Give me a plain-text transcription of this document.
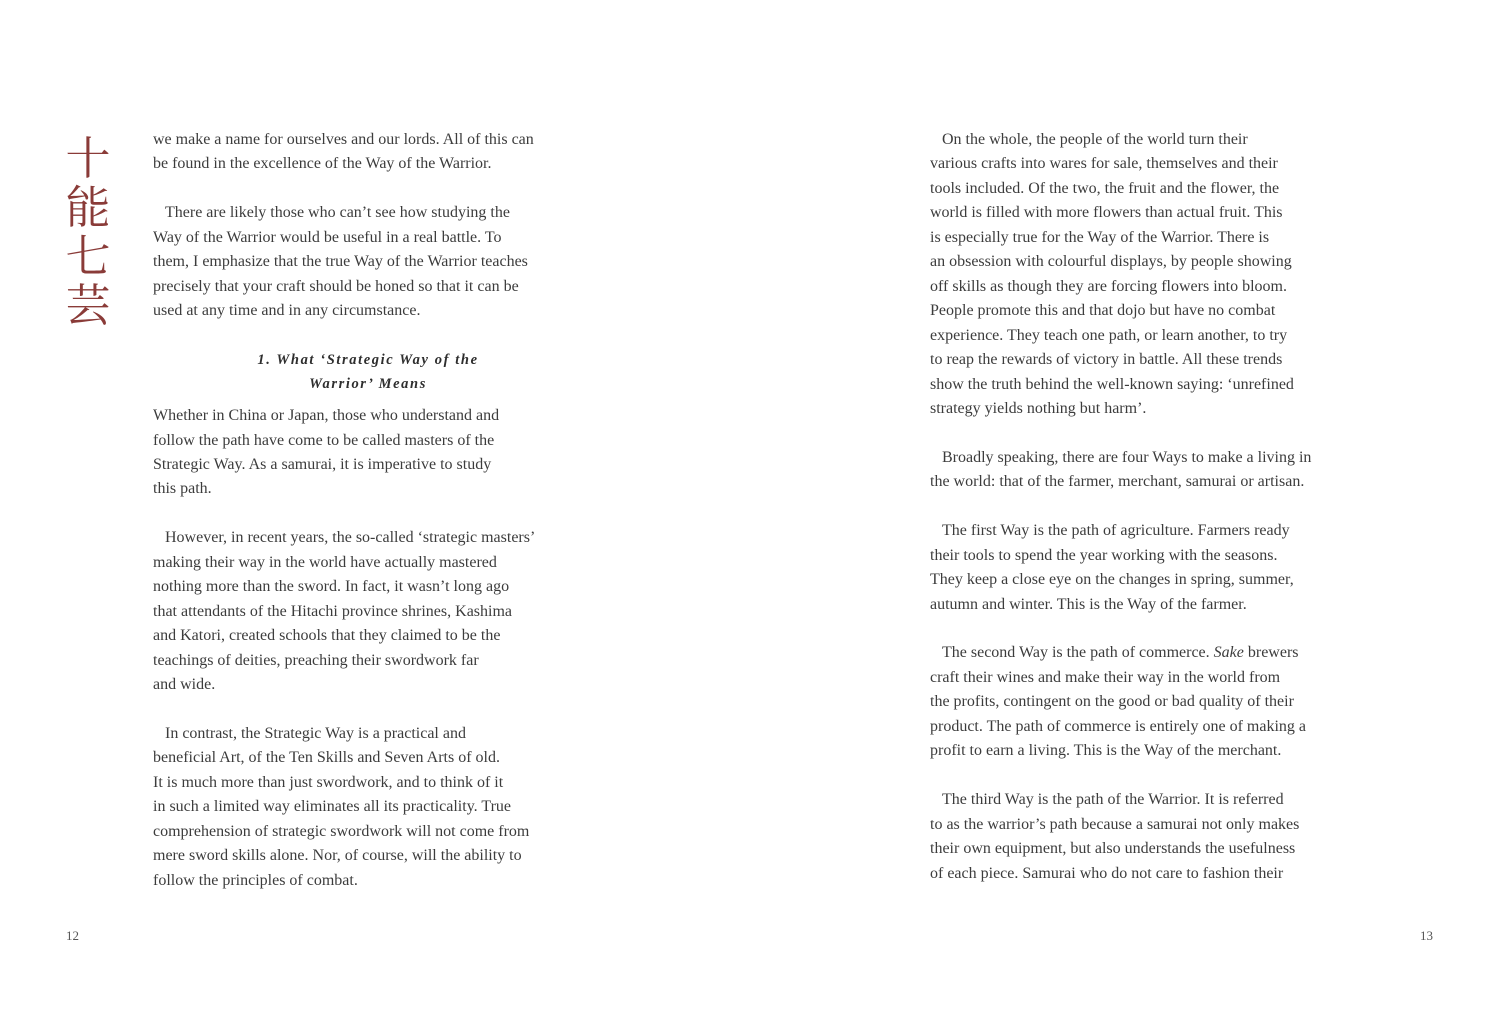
十
能
七
芸

we make a name for ourselves and our lords. All of this can
be found in the excellence of the Way of the Warrior.

There are likely those who can’t see how studying the
Way of the Warrior would be useful in a real battle. To
them, I emphasize that the true Way of the Warrior teaches
precisely that your craft should be honed so that it can be
used at any time and in any circumstance.

1. What ‘Strategic Way of the
Warrior’ Means

Whether in China or Japan, those who understand and
follow the path have come to be called masters of the
Strategic Way. As a samurai, it is imperative to study
this path.

However, in recent years, the so-called ‘strategic masters’
making their way in the world have actually mastered
nothing more than the sword. In fact, it wasn’t long ago
that attendants of the Hitachi province shrines, Kashima
and Katori, created schools that they claimed to be the
teachings of deities, preaching their swordwork far
and wide.

In contrast, the Strategic Way is a practical and
beneficial Art, of the Ten Skills and Seven Arts of old.
It is much more than just swordwork, and to think of it
in such a limited way eliminates all its practicality. True
comprehension of strategic swordwork will not come from
mere sword skills alone. Nor, of course, will the ability to
follow the principles of combat.

12

On the whole, the people of the world turn their
various crafts into wares for sale, themselves and their
tools included. Of the two, the fruit and the flower, the
world is filled with more flowers than actual fruit. This
is especially true for the Way of the Warrior. There is
an obsession with colourful displays, by people showing
off skills as though they are forcing flowers into bloom.
People promote this and that dojo but have no combat
experience. They teach one path, or learn another, to try
to reap the rewards of victory in battle. All these trends
show the truth behind the well-known saying: ‘unrefined
strategy yields nothing but harm’.

Broadly speaking, there are four Ways to make a living in
the world: that of the farmer, merchant, samurai or artisan.

The first Way is the path of agriculture. Farmers ready
their tools to spend the year working with the seasons.
They keep a close eye on the changes in spring, summer,
autumn and winter. This is the Way of the farmer.

The second Way is the path of commerce. Sake brewers
craft their wines and make their way in the world from
the profits, contingent on the good or bad quality of their
product. The path of commerce is entirely one of making a
profit to earn a living. This is the Way of the merchant.

The third Way is the path of the Warrior. It is referred
to as the warrior’s path because a samurai not only makes
their own equipment, but also understands the usefulness
of each piece. Samurai who do not care to fashion their

13
